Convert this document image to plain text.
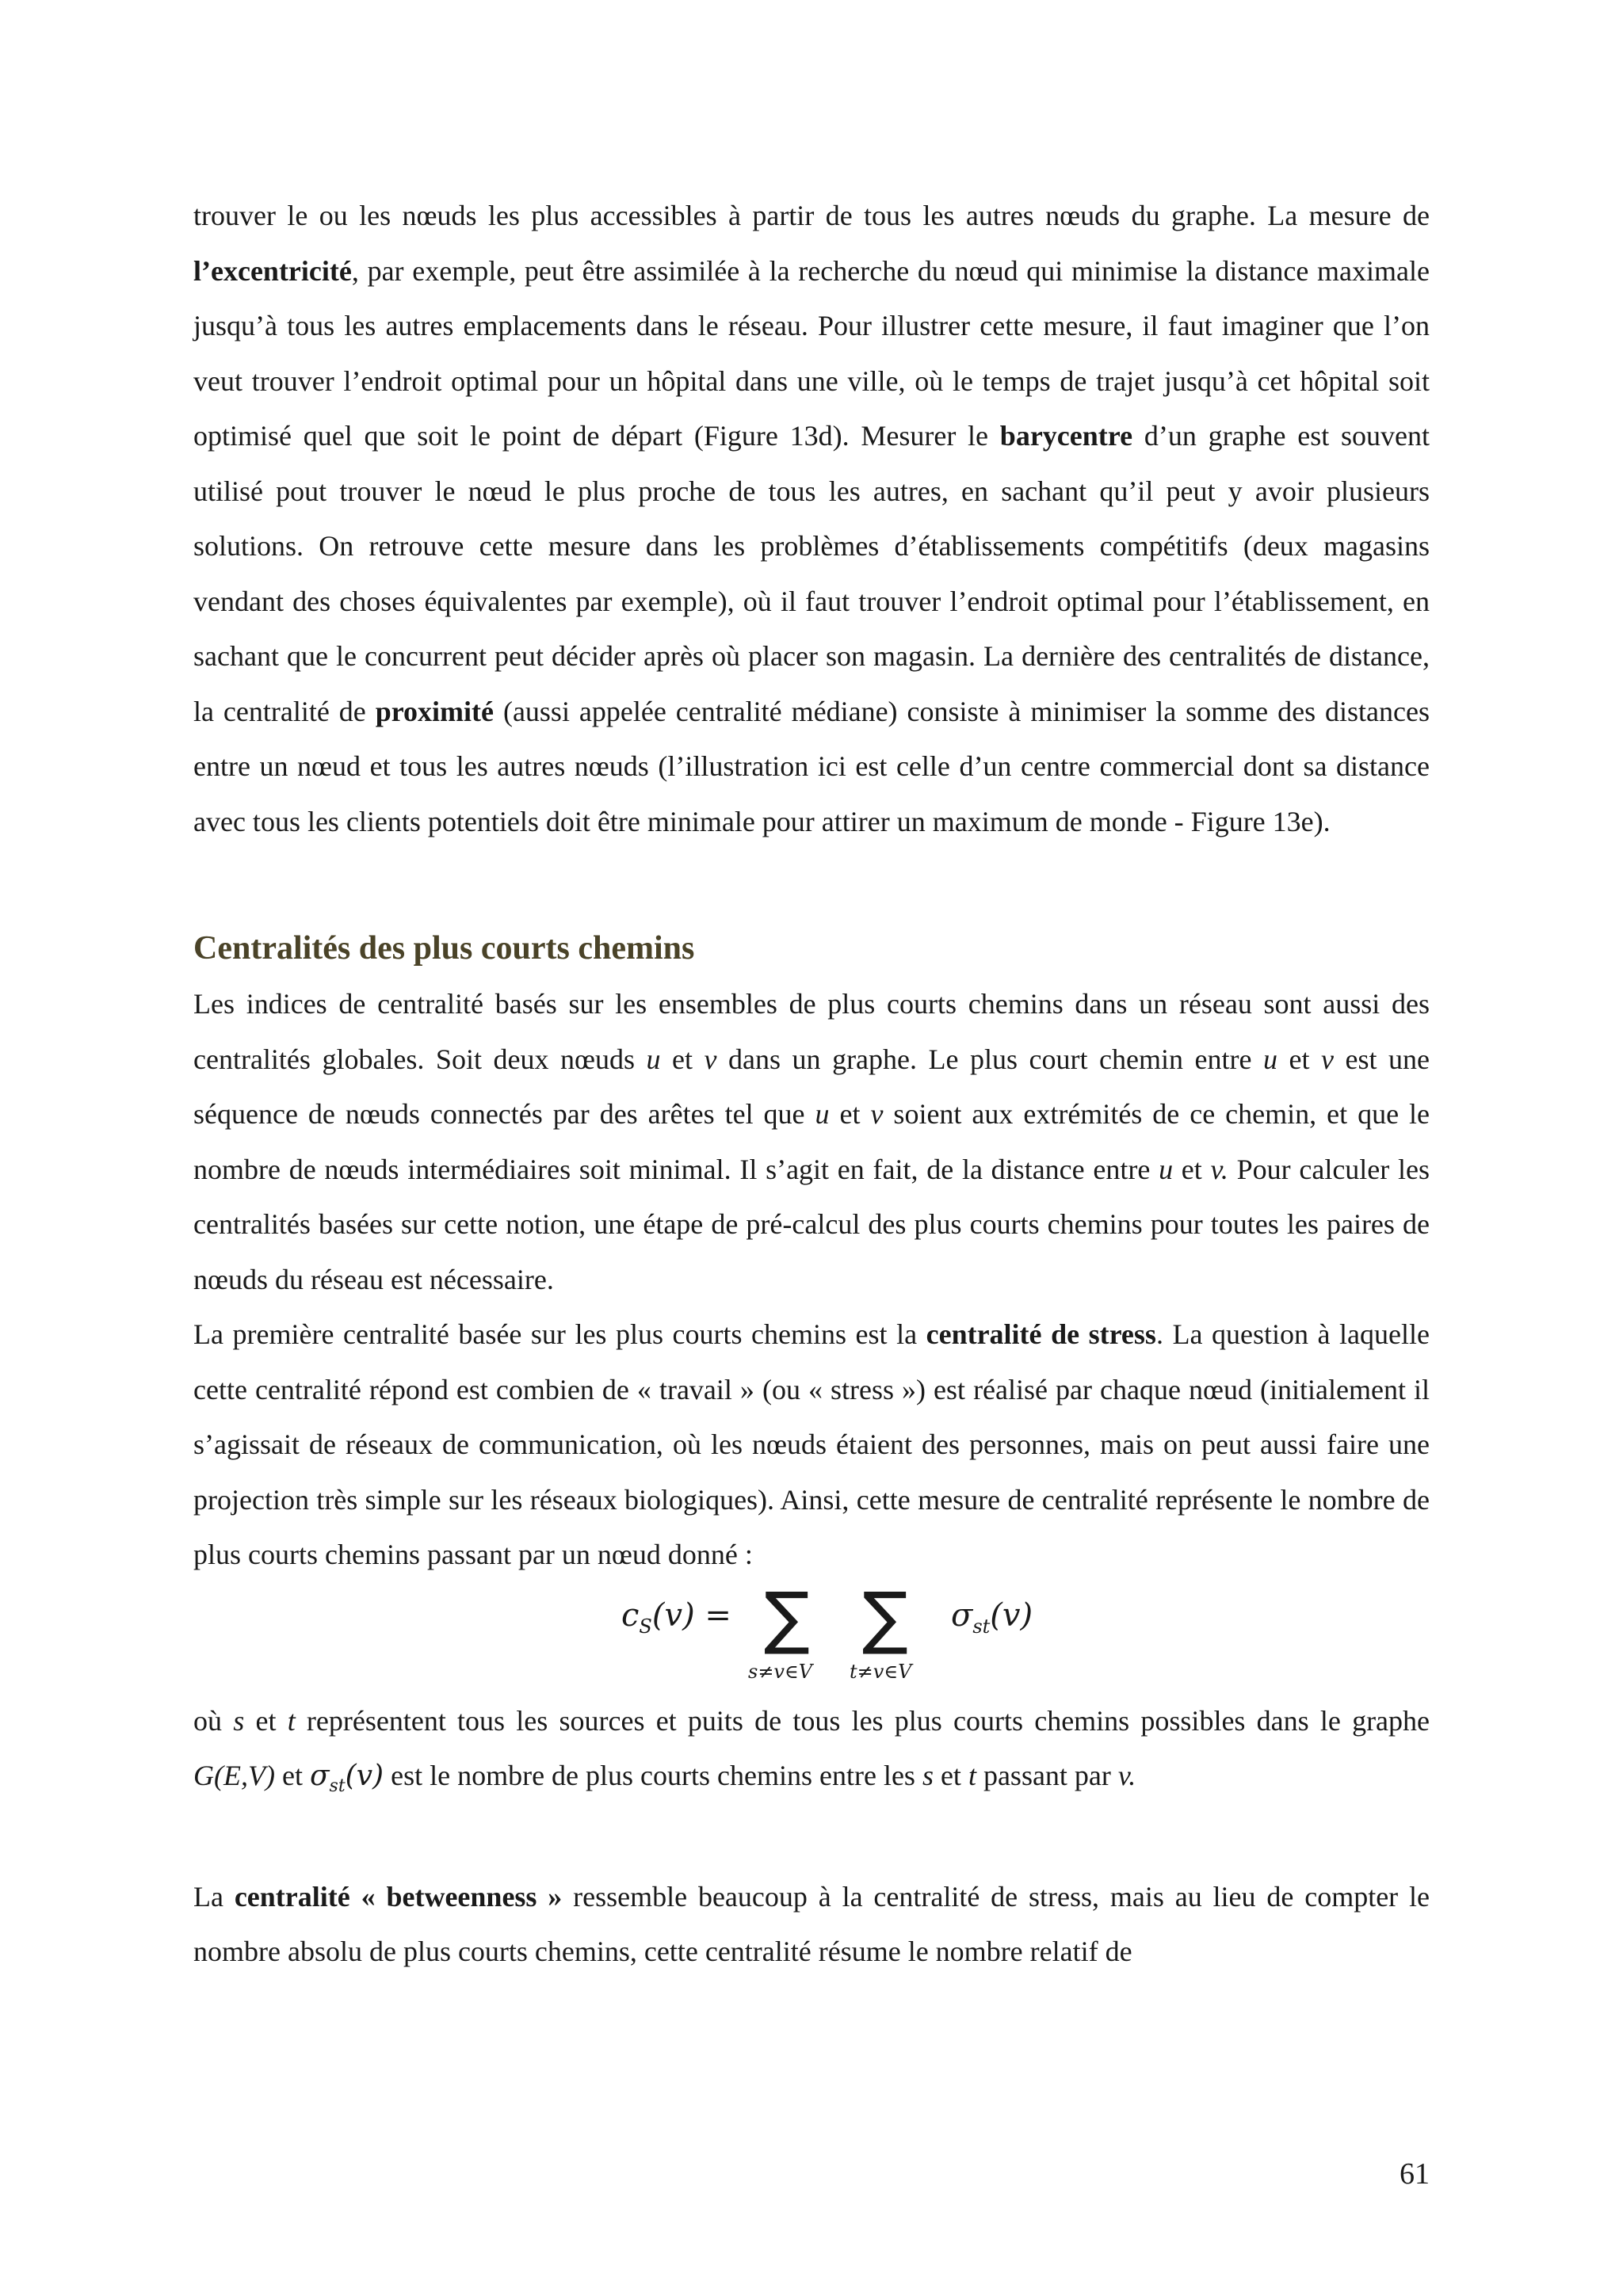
trouver le ou les nœuds les plus accessibles à partir de tous les autres nœuds du graphe. La mesure de l’excentricité, par exemple, peut être assimilée à la recherche du nœud qui minimise la distance maximale jusqu’à tous les autres emplacements dans le réseau. Pour illustrer cette mesure, il faut imaginer que l’on veut trouver l’endroit optimal pour un hôpital dans une ville, où le temps de trajet jusqu’à cet hôpital soit optimisé quel que soit le point de départ (Figure 13d). Mesurer le barycentre d’un graphe est souvent utilisé pout trouver le nœud le plus proche de tous les autres, en sachant qu’il peut y avoir plusieurs solutions. On retrouve cette mesure dans les problèmes d’établissements compétitifs (deux magasins vendant des choses équivalentes par exemple), où il faut trouver l’endroit optimal pour l’établissement, en sachant que le concurrent peut décider après où placer son magasin. La dernière des centralités de distance, la centralité de proximité (aussi appelée centralité médiane) consiste à minimiser la somme des distances entre un nœud et tous les autres nœuds (l’illustration ici est celle d’un centre commercial dont sa distance avec tous les clients potentiels doit être minimale pour attirer un maximum de monde - Figure 13e).

Centralités des plus courts chemins

Les indices de centralité basés sur les ensembles de plus courts chemins dans un réseau sont aussi des centralités globales. Soit deux nœuds u et v dans un graphe. Le plus court chemin entre u et v est une séquence de nœuds connectés par des arêtes tel que u et v soient aux extrémités de ce chemin, et que le nombre de nœuds intermédiaires soit minimal. Il s’agit en fait, de la distance entre u et v. Pour calculer les centralités basées sur cette notion, une étape de pré-calcul des plus courts chemins pour toutes les paires de nœuds du réseau est nécessaire.

La première centralité basée sur les plus courts chemins est la centralité de stress. La question à laquelle cette centralité répond est combien de « travail » (ou « stress ») est réalisé par chaque nœud (initialement il s’agissait de réseaux de communication, où les nœuds étaient des personnes, mais on peut aussi faire une projection très simple sur les réseaux biologiques). Ainsi, cette mesure de centralité représente le nombre de plus courts chemins passant par un nœud donné :

$c_S(v)$ = ∑ ∑
s≠v∈V t≠v∈V
$\sigma_{st}(v)$

où s et t représentent tous les sources et puits de tous les plus courts chemins possibles dans le graphe G(E,V) et $\sigma_{st}(v)$ est le nombre de plus courts chemins entre les s et t passant par v.

La centralité « betweenness » ressemble beaucoup à la centralité de stress, mais au lieu de compter le nombre absolu de plus courts chemins, cette centralité résume le nombre relatif de

61
